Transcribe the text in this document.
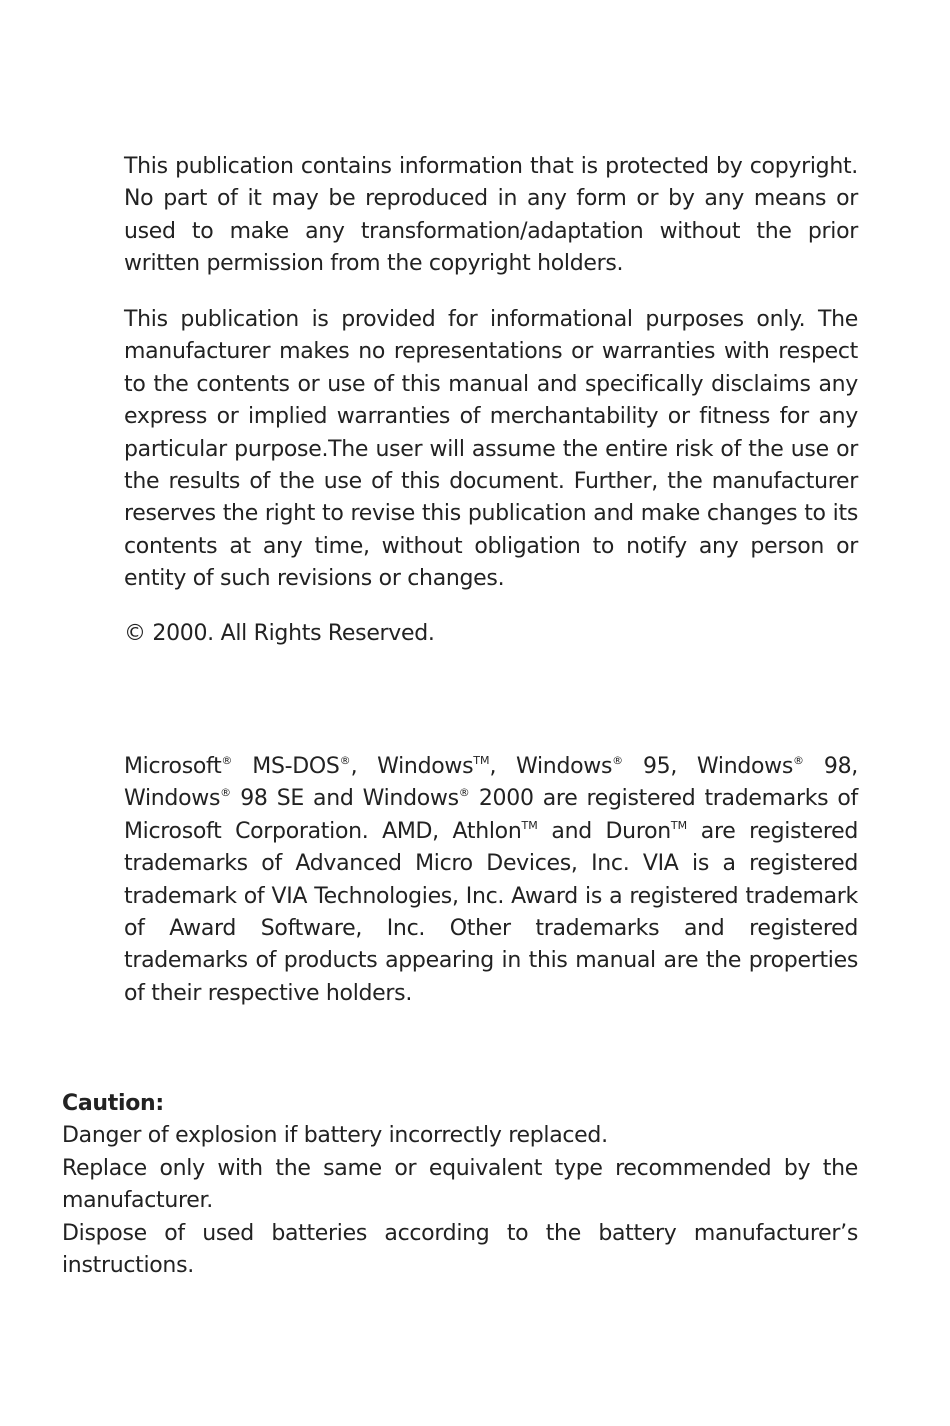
This publication contains information that is protected by copyright. No part of it may be reproduced in any form or by any means or used to make any transformation/adaptation without the prior written permission from the copyright holders.

This publication is provided for informational purposes only. The manufacturer makes no representations or warranties with respect to the contents or use of this manual and specifically disclaims any express or implied warranties of merchantability or fitness for any particular purpose.The user will assume the entire risk of the use or the results of the use of this document. Further, the manufacturer reserves the right to revise this publication and make changes to its contents at any time, without obligation to notify any person or entity of such revisions or changes.

© 2000. All Rights Reserved.

Microsoft® MS-DOS®, Windows™, Windows® 95, Windows® 98, Windows® 98 SE and Windows® 2000 are registered trademarks of Microsoft Corporation. AMD, Athlon™ and Duron™ are registered trademarks of Advanced Micro Devices, Inc. VIA is a registered trademark of VIA Technologies, Inc. Award is a registered trademark of Award Software, Inc. Other trademarks and registered trademarks of products appearing in this manual are the properties of their respective holders.

Caution:
Danger of explosion if battery incorrectly replaced.
Replace only with the same or equivalent type recommended by the manufacturer.
Dispose of used batteries according to the battery manufacturer’s instructions.
